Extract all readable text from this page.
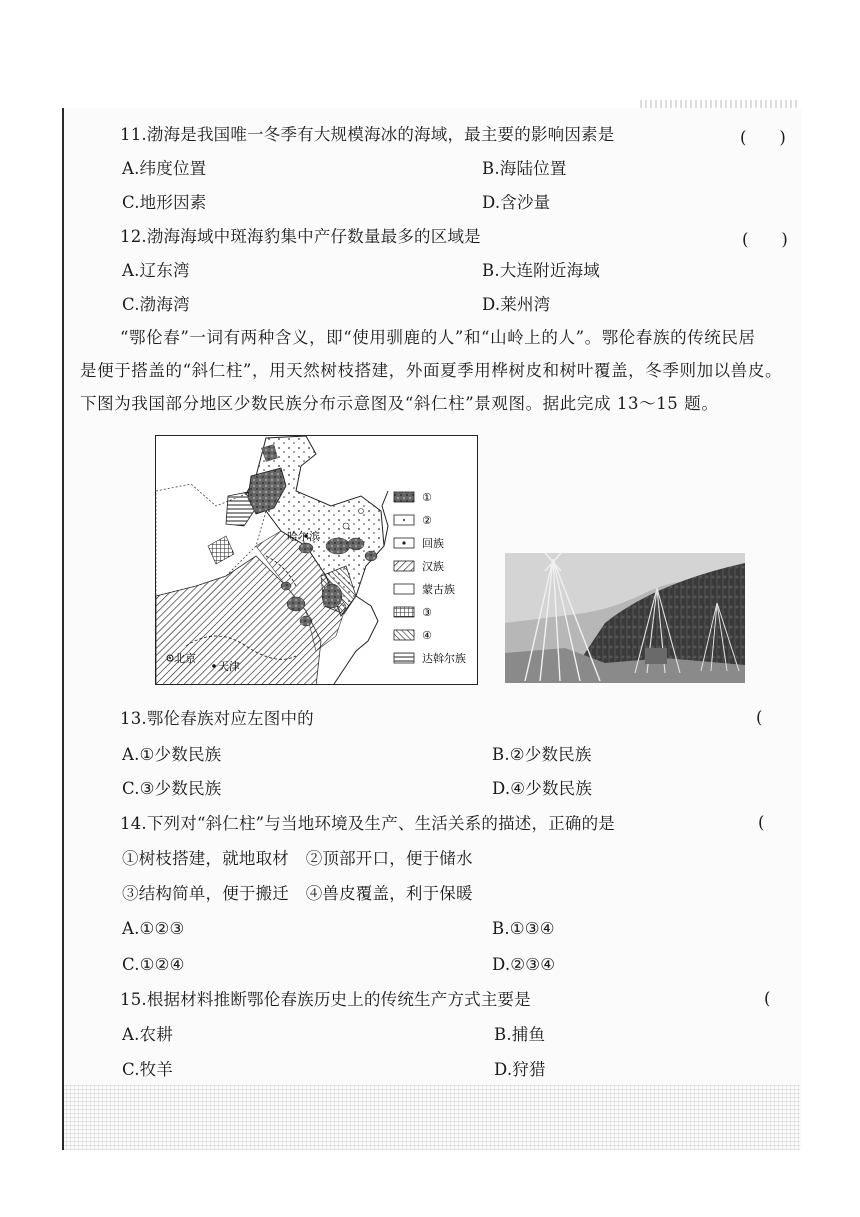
11.渤海是我国唯一冬季有大规模海冰的海域，最主要的影响因素是	(　　)
A.纬度位置	B.海陆位置
C.地形因素	D.含沙量
12.渤海海域中斑海豹集中产仔数量最多的区域是	(　　)
A.辽东湾	B.大连附近海域
C.渤海湾	D.莱州湾
“鄂伦春”一词有两种含义，即“使用驯鹿的人”和“山岭上的人”。鄂伦春族的传统民居
是便于搭盖的“斜仁柱”，用天然树枝搭建，外面夏季用桦树皮和树叶覆盖，冬季则加以兽皮。
下图为我国部分地区少数民族分布示意图及“斜仁柱”景观图。据此完成 13～15 题。
哈尔滨
北京
天津
①
②
回族
汉族
蒙古族
③
④
达斡尔族
13.鄂伦春族对应左图中的	(
A.①少数民族	B.②少数民族
C.③少数民族	D.④少数民族
14.下列对“斜仁柱”与当地环境及生产、生活关系的描述，正确的是	(
①树枝搭建，就地取材　②顶部开口，便于储水
③结构简单，便于搬迁　④兽皮覆盖，利于保暖
A.①②③	B.①③④
C.①②④	D.②③④
15.根据材料推断鄂伦春族历史上的传统生产方式主要是	(
A.农耕	B.捕鱼
C.牧羊	D.狩猎
